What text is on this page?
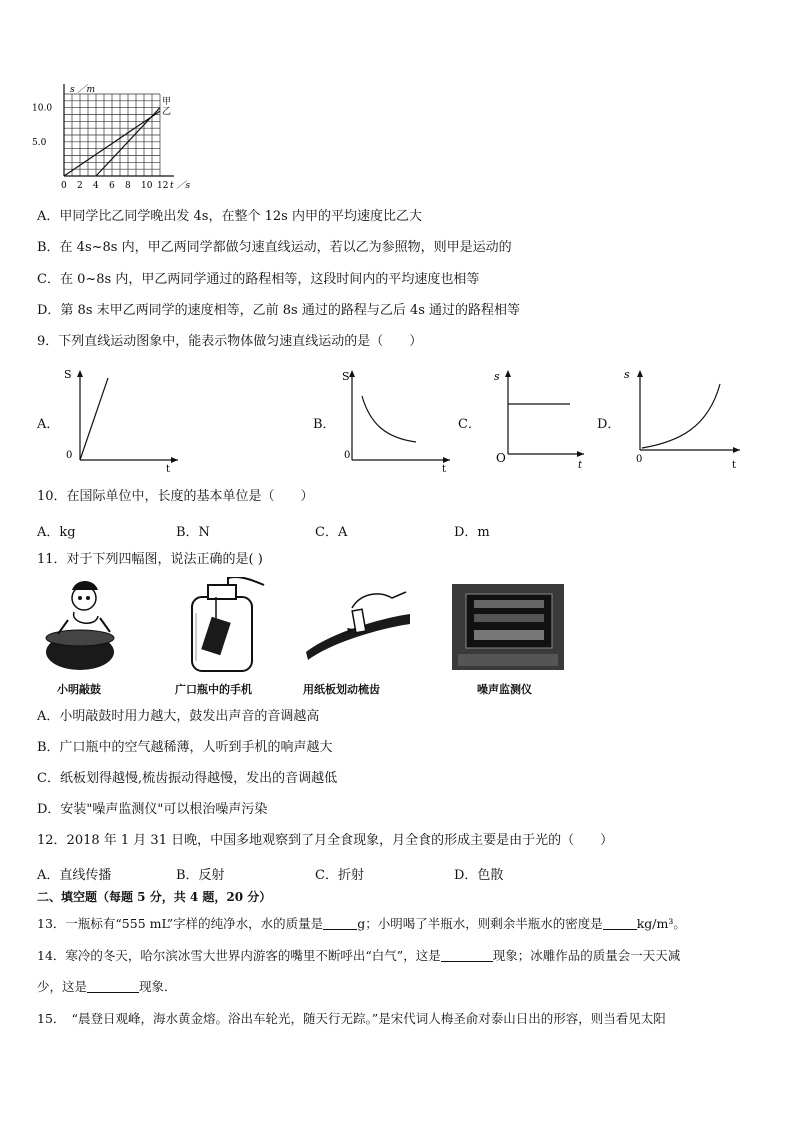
s ／m
t ／s
10.0
5.0
0 2 4 6 8 10 12
甲
乙
A．甲同学比乙同学晚出发 4s，在整个 12s 内甲的平均速度比乙大
B．在 4s~8s 内，甲乙两同学都做匀速直线运动，若以乙为参照物，则甲是运动的
C．在 0~8s 内，甲乙两同学通过的路程相等，这段时间内的平均速度也相等
D．第 8s 末甲乙两同学的速度相等，乙前 8s 通过的路程与乙后 4s 通过的路程相等
9．下列直线运动图象中，能表示物体做匀速直线运动的是（　　）
A．
S
0
t
B．
S
0
t
C．
s
O
t
D．
s
0
t
10．在国际单位中，长度的基本单位是（　　）
A．kg	B．N	C．A	D．m
11．对于下列四幅图，说法正确的是( )
小明敲鼓	广口瓶中的手机	用纸板划动梳齿	噪声监测仪
A．小明敲鼓时用力越大，鼓发出声音的音调越高
B．广口瓶中的空气越稀薄，人听到手机的响声越大
C．纸板划得越慢,梳齿振动得越慢，发出的音调越低
D．安装"噪声监测仪"可以根治噪声污染
12．2018 年 1 月 31 日晚，中国多地观察到了月全食现象，月全食的形成主要是由于光的（　　）
A．直线传播	B．反射	C．折射	D．色散
二、填空题（每题 5 分，共 4 题，20 分）
13．一瓶标有“555 mL”字样的纯净水，水的质量是	g；小明喝了半瓶水，则剩余半瓶水的密度是	kg/m³。
14．寒冷的冬天，哈尔滨冰雪大世界内游客的嘴里不断呼出“白气”，这是	现象；冰雕作品的质量会一天天减
少，这是	现象．
15．　“晨登日观峰，海水黄金熔。浴出车轮光，随天行无踪。”是宋代词人梅圣俞对泰山日出的形容，则当看见太阳
